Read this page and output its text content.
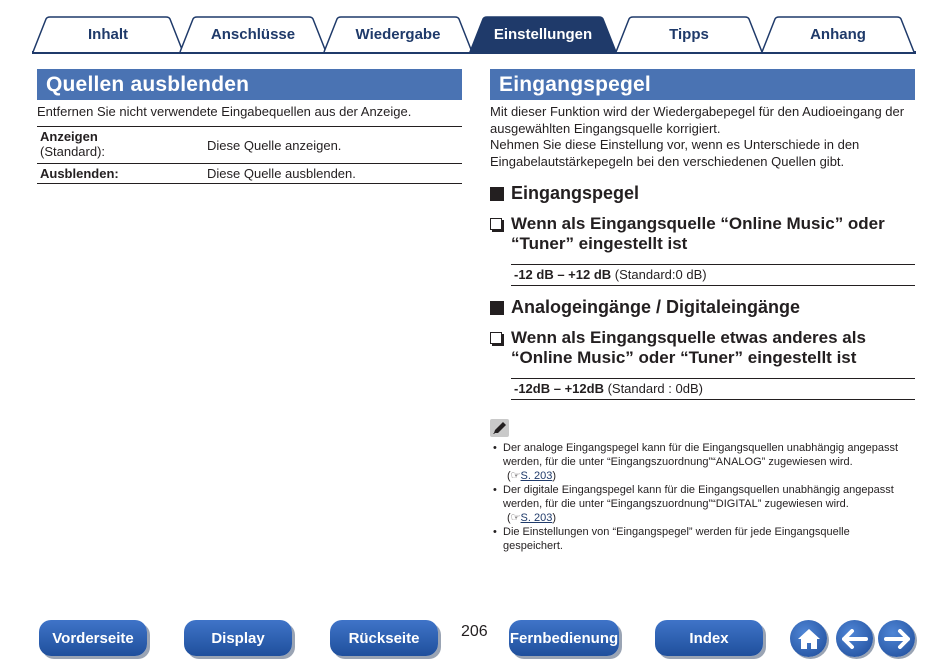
Inhalt	Anschlüsse	Wiedergabe	Einstellungen	Tipps	Anhang
Quellen ausblenden
Entfernen Sie nicht verwendete Eingabequellen aus der Anzeige.
Anzeigen
(Standard):	Diese Quelle anzeigen.
Ausblenden:	Diese Quelle ausblenden.
Eingangspegel
Mit dieser Funktion wird der Wiedergabepegel für den Audioeingang der
ausgewählten Eingangsquelle korrigiert.
Nehmen Sie diese Einstellung vor, wenn es Unterschiede in den
Eingabelautstärkepegeln bei den verschiedenen Quellen gibt.
Eingangspegel
Wenn als Eingangsquelle “Online Music” oder
“Tuner” eingestellt ist
-12 dB – +12 dB (Standard:0 dB)
Analogeingänge / Digitaleingänge
Wenn als Eingangsquelle etwas anderes als
“Online Music” oder “Tuner” eingestellt ist
-12dB – +12dB (Standard : 0dB)
• Der analoge Eingangspegel kann für die Eingangsquellen unabhängig angepasst
werden, für die unter “Eingangszuordnung”“ANALOG” zugewiesen wird.
(☞S. 203)
• Der digitale Eingangspegel kann für die Eingangsquellen unabhängig angepasst
werden, für die unter “Eingangszuordnung”“DIGITAL” zugewiesen wird.
(☞S. 203)
• Die Einstellungen von “Eingangspegel” werden für jede Eingangsquelle
gespeichert.
Vorderseite	Display	Rückseite	206 Fernbedienung	Index
